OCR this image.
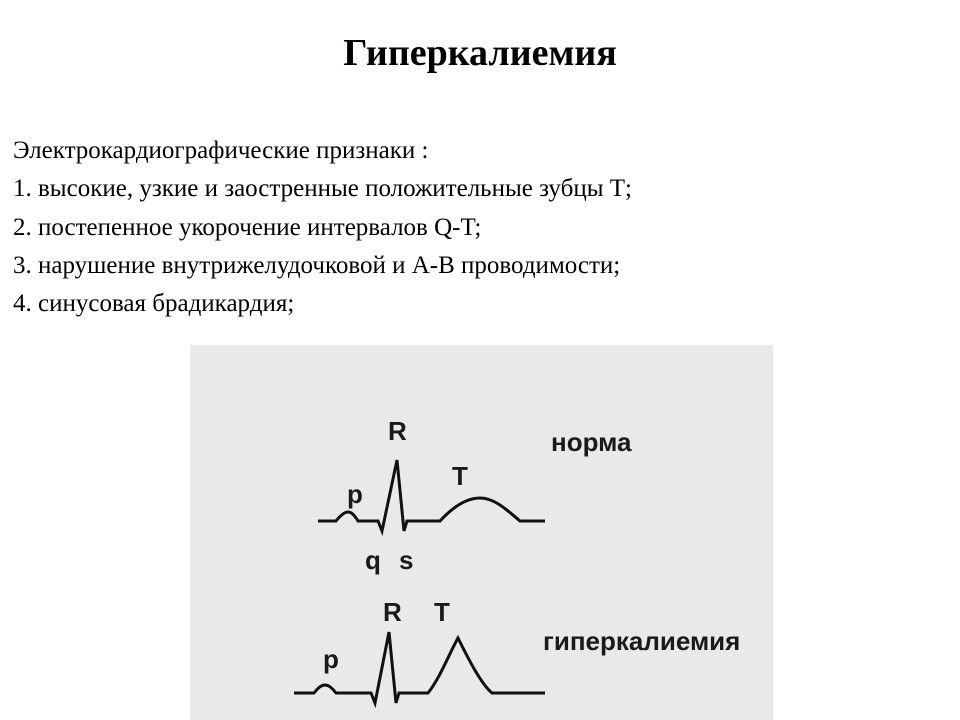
Гиперкалиемия
Электрокардиографические признаки :
1. высокие, узкие и заостренные положительные зубцы Т;
2. постепенное укорочение интервалов Q-T;
3. нарушение внутрижелудочковой и А-В проводимости;
4. синусовая брадикардия;
R
p
T
q s
норма
R T
p
гиперкалиемия
